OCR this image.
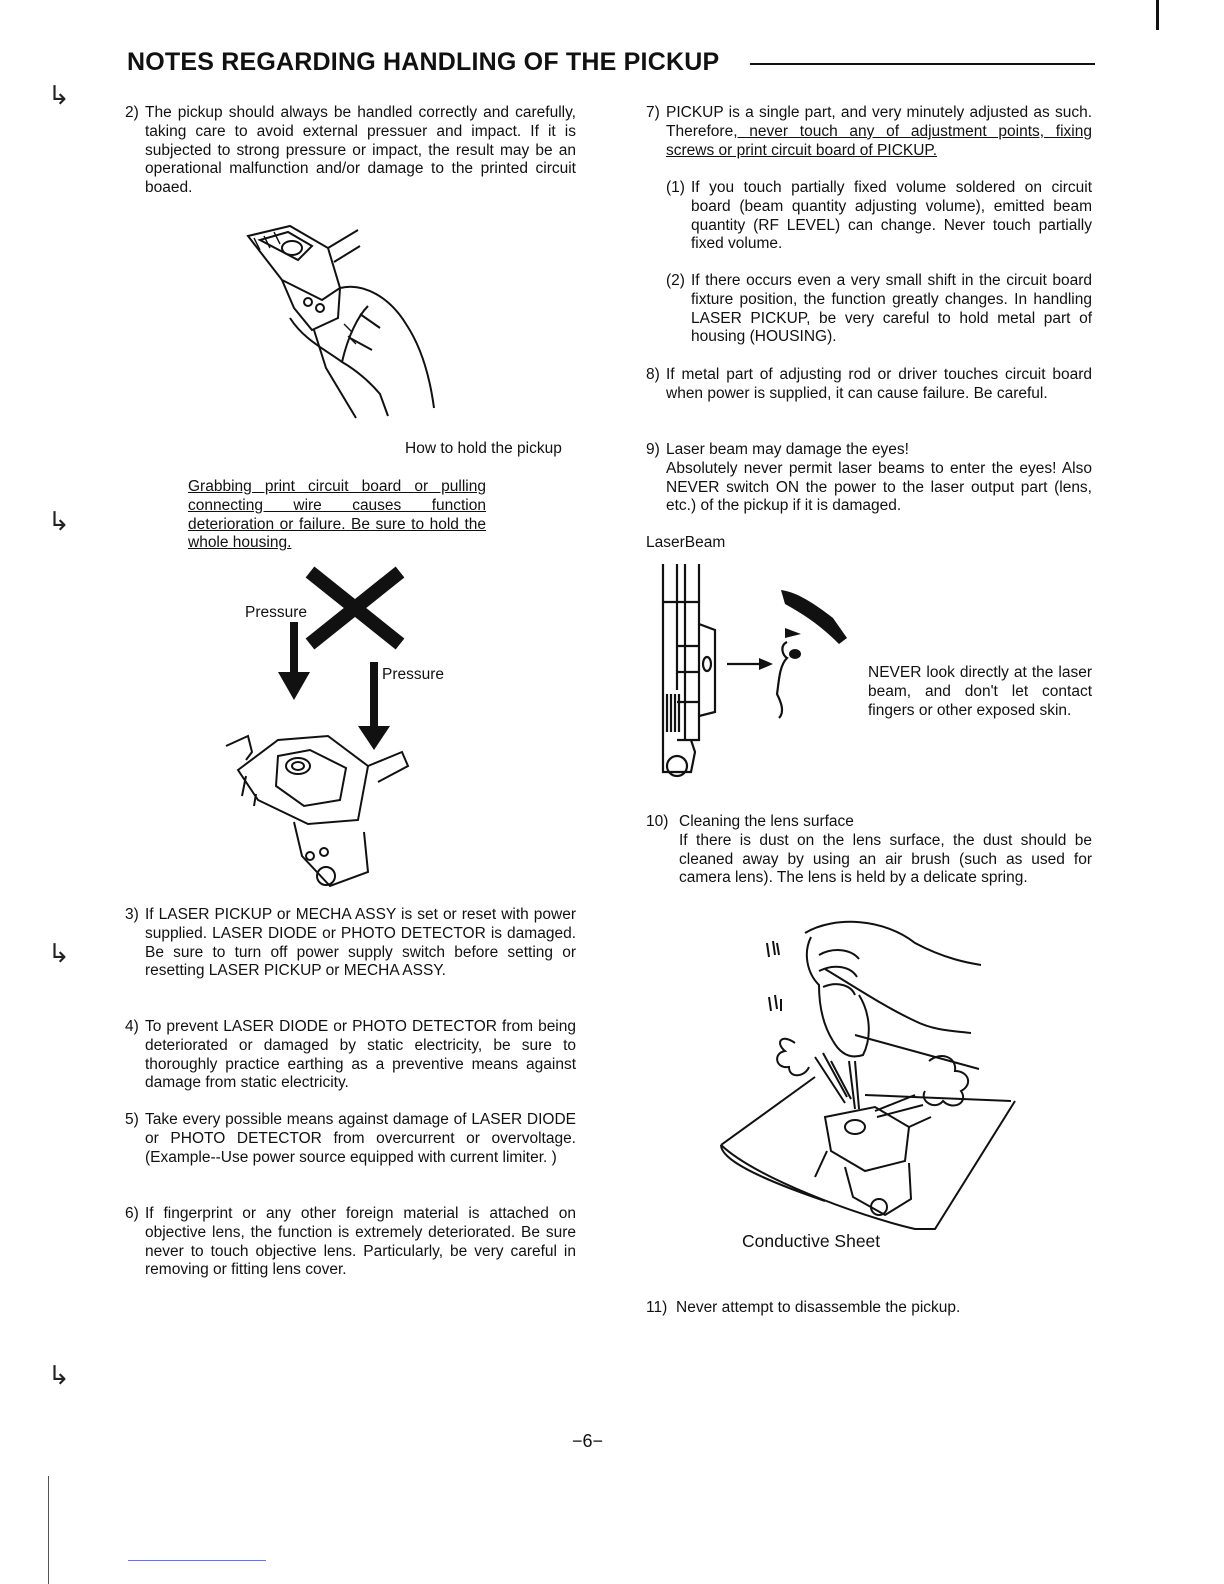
NOTES REGARDING HANDLING OF THE PICKUP
↳
↳
↳
↳
2) The pickup should always be handled correctly and carefully, taking care to avoid external pressuer and impact. If it is subjected to strong pressure or impact, the result may be an operational malfunction and/or damage to the printed circuit boaed.
How to hold the pickup
Grabbing print circuit board or pulling connecting wire causes function deterioration or failure. Be sure to hold the whole housing.
Pressure
Pressure
3) If LASER PICKUP or MECHA ASSY is set or reset with power supplied. LASER DIODE or PHOTO DETECTOR is damaged. Be sure to turn off power supply switch before setting or resetting LASER PICKUP or MECHA ASSY.
4) To prevent LASER DIODE or PHOTO DETECTOR from being deteriorated or damaged by static electricity, be sure to thoroughly practice earthing as a preventive means against damage from static electricity.
5) Take every possible means against damage of LASER DIODE or PHOTO DETECTOR from overcurrent or overvoltage. (Example--Use power source equipped with current limiter. )
6) If fingerprint or any other foreign material is attached on objective lens, the function is extremely deteriorated. Be sure never to touch objective lens. Particularly, be very careful in removing or fitting lens cover.
7) PICKUP is a single part, and very minutely adjusted as such. Therefore, never touch any of adjustment points, fixing screws or print circuit board of PICKUP.
(1) If you touch partially fixed volume soldered on circuit board (beam quantity adjusting volume), emitted beam quantity (RF LEVEL) can change. Never touch partially fixed volume.
(2) If there occurs even a very small shift in the circuit board fixture position, the function greatly changes. In handling LASER PICKUP, be very careful to hold metal part of housing (HOUSING).
8) If metal part of adjusting rod or driver touches circuit board when power is supplied, it can cause failure. Be careful.
9) Laser beam may damage the eyes!
Absolutely never permit laser beams to enter the eyes! Also NEVER switch ON the power to the laser output part (lens, etc.) of the pickup if it is damaged.
LaserBeam
NEVER look directly at the laser beam, and don't let contact fingers or other exposed skin.
10) Cleaning the lens surface
If there is dust on the lens surface, the dust should be cleaned away by using an air brush (such as used for camera lens). The lens is held by a delicate spring.
Conductive Sheet
11) Never attempt to disassemble the pickup.
−6−
